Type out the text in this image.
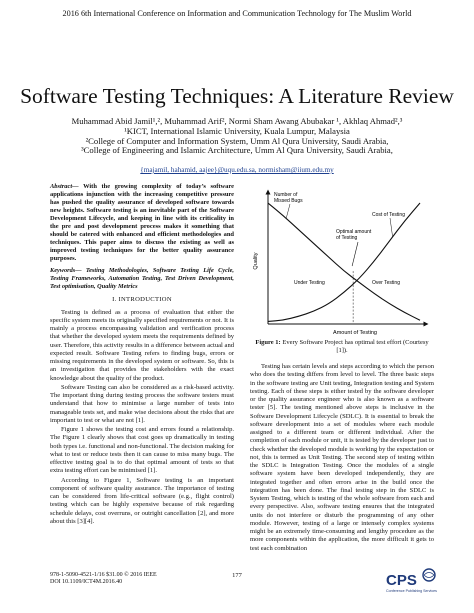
2016 6th International Conference on Information and Communication Technology for The Muslim World
Software Testing Techniques: A Literature Review
Muhammad Abid Jamil¹,², Muhammad Arif², Normi Sham Awang Abubakar ¹, Akhlaq Ahmad²,³
¹KICT, International Islamic University, Kuala Lumpur, Malaysia
²College of Computer and Information System, Umm Al Qura University, Saudi Arabia,
³College of Engineering and Islamic Architecture, Umm Al Qura University, Saudi Arabia,
{majamil, hahamid, aajee}@uqu.edu.sa, normisham@iium.edu.my
Abstract— With the growing complexity of today’s software applications injunction with the increasing competitive pressure has pushed the quality assurance of developed software towards new heights. Software testing is an inevitable part of the Software Development Lifecycle, and keeping in line with its criticality in the pre and post development process makes it something that should be catered with enhanced and efficient methodologies and techniques. This paper aims to discuss the existing as well as improved testing techniques for the better quality assurance purposes.
Keywords— Testing Methodologies, Software Testing Life Cycle, Testing Frameworks, Automation Testing, Test Driven Development, Test optimisation, Quality Metrics
I. INTRODUCTION

Testing is defined as a process of evaluation that either the specific system meets its originally specified requirements or not. It is mainly a process encompassing validation and verification process that whether the developed system meets the requirements defined by user. Therefore, this activity results in a difference between actual and expected result. Software Testing refers to finding bugs, errors or missing requirements in the developed system or software. So, this is an investigation that provides the stakeholders with the exact knowledge about the quality of the product.

Software Testing can also be considered as a risk-based activity. The important thing during testing process the software testers must understand that how to minimise a large number of tests into manageable tests set, and make wise decisions about the risks that are important to test or what are not [1].

Figure 1 shows the testing cost and errors found a relationship. The Figure 1 clearly shows that cost goes up dramatically in testing both types i.e. functional and non-functional. The decision making for what to test or reduce tests then it can cause to miss many bugs. The effective testing goal is to do that optimal amount of tests so that extra testing effort can be minimised [1].

According to Figure 1, Software testing is an important component of software quality assurance. The importance of testing can be considered from life-critical software (e.g., flight control) testing which can be highly expensive because of risk regarding schedule delays, cost overruns, or outright cancellation [2], and more about this [3][4].

Quality
Amount of Testing
Number of
Missed Bugs
Cost of Testing
Optimal amount
of Testing
Under Testing	Over Testing
Figure 1: Every Software Project has optimal test effort (Courtesy [1]).

Testing has certain levels and steps according to which the person who does the testing differs from level to level. The three basic steps in the software testing are Unit testing, Integration testing and System testing. Each of these steps is either tested by the software developer or the quality assurance engineer who is also known as a software tester [5]. The testing mentioned above steps is inclusive in the Software Development Lifecycle (SDLC). It is essential to break the software development into a set of modules where each module assigned to a different team or different individual. After the completion of each module or unit, it is tested by the developer just to check whether the developed module is working by the expectation or not, this is termed as Unit Testing. The second step of testing within the SDLC is Integration Testing. Once the modules of a single software system have been developed independently, they are integrated together and often errors arise in the build once the integration has been done. The final testing step in the SDLC is System Testing, which is testing of the whole software from each and every perspective. Also, software testing ensures that the integrated units do not interfere or disturb the programming of any other module. However, testing of a large or intensely complex systems might be an extremely time-consuming and lengthy procedure as the more components within the application, the more difficult it gets to test each combination

978-1-5090-4521-1/16 $31.00 © 2016 IEEE
DOI 10.1109/ICT4M.2016.40
177	CPS
Conference Publishing Services
